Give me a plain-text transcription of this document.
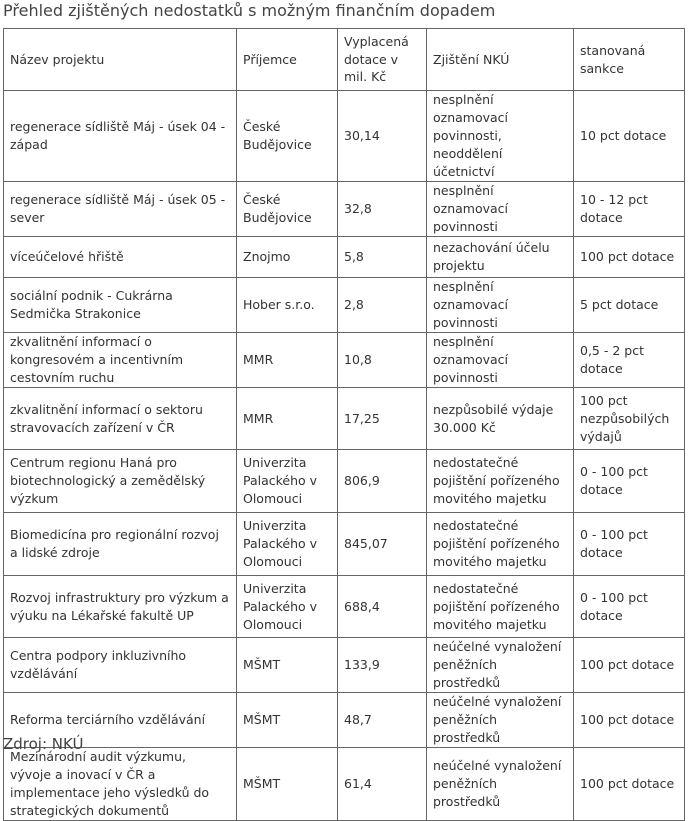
Přehled zjištěných nedostatků s možným finančním dopadem
Název projektu	Příjemce	Vyplacená dotace v mil. Kč	Zjištění NKÚ	stanovaná sankce
regenerace sídliště Máj - úsek 04 - západ	České Budějovice	30,14	nesplnění oznamovací povinnosti, neoddělení účetnictví	10 pct dotace
regenerace sídliště Máj - úsek 05 - sever	České Budějovice	32,8	nesplnění oznamovací povinnosti	10 - 12 pct dotace
víceúčelové hřiště	Znojmo	5,8	nezachování účelu projektu	100 pct dotace
sociální podnik - Cukrárna Sedmička Strakonice	Hober s.r.o.	2,8	nesplnění oznamovací povinnosti	5 pct dotace
zkvalitnění informací o kongresovém a incentivním cestovním ruchu	MMR	10,8	nesplnění oznamovací povinnosti	0,5 - 2 pct dotace
zkvalitnění informací o sektoru stravovacích zařízení v ČR	MMR	17,25	nezpůsobilé výdaje 30.000 Kč	100 pct nezpůsobilých výdajů
Centrum regionu Haná pro biotechnologický a zemědělský výzkum	Univerzita Palackého v Olomouci	806,9	nedostatečné pojištění pořízeného movitého majetku	0 - 100 pct dotace
Biomedicína pro regionální rozvoj a lidské zdroje	Univerzita Palackého v Olomouci	845,07	nedostatečné pojištění pořízeného movitého majetku	0 - 100 pct dotace
Rozvoj infrastruktury pro výzkum a výuku na Lékařské fakultě UP	Univerzita Palackého v Olomouci	688,4	nedostatečné pojištění pořízeného movitého majetku	0 - 100 pct dotace
Centra podpory inkluzivního vzdělávání	MŠMT	133,9	neúčelné vynaložení peněžních prostředků	100 pct dotace
Reforma terciárního vzdělávání	MŠMT	48,7	neúčelné vynaložení peněžních prostředků	100 pct dotace
Mezinárodní audit výzkumu, vývoje a inovací v ČR a implementace jeho výsledků do strategických dokumentů	MŠMT	61,4	neúčelné vynaložení peněžních prostředků	100 pct dotace
Zdroj: NKÚ
